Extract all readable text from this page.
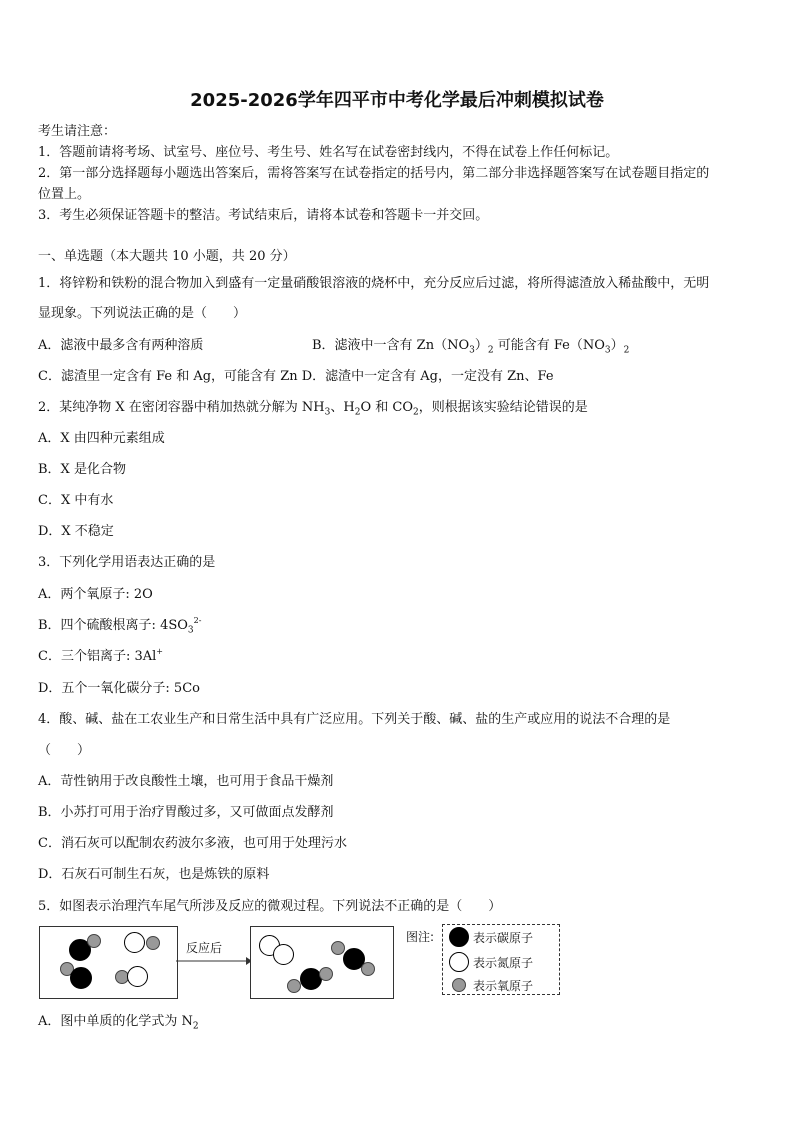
2025-2026学年四平市中考化学最后冲刺模拟试卷
考生请注意：
1．答题前请将考场、试室号、座位号、考生号、姓名写在试卷密封线内，不得在试卷上作任何标记。
2．第一部分选择题每小题选出答案后，需将答案写在试卷指定的括号内，第二部分非选择题答案写在试卷题目指定的
位置上。
3．考生必须保证答题卡的整洁。考试结束后，请将本试卷和答题卡一并交回。
一、单选题（本大题共 10 小题，共 20 分）
1．将锌粉和铁粉的混合物加入到盛有一定量硝酸银溶液的烧杯中，充分反应后过滤，将所得滤渣放入稀盐酸中，无明
显现象。下列说法正确的是（　　）
A．滤液中最多含有两种溶质	B．滤液中一含有 $Zn(NO_3)_2$ 可能含有 $Fe(NO_3)_2$
C．滤渣里一定含有 Fe 和 Ag，可能含有 Zn D．滤渣中一定含有 Ag，一定没有 Zn、Fe
2．某纯净物 X 在密闭容器中稍加热就分解为 $NH_3$、$H_2O$ 和 $CO_2$，则根据该实验结论错误的是
A．X 由四种元素组成
B．X 是化合物
C．X 中有水
D．X 不稳定
3．下列化学用语表达正确的是
A．两个氧原子: 2O
B．四个硫酸根离子: $4SO_3^{2-}$
C．三个铝离子: 3Al+
D．五个一氧化碳分子: 5Co
4．酸、碱、盐在工农业生产和日常生活中具有广泛应用。下列关于酸、碱、盐的生产或应用的说法不合理的是
（　　）
A．苛性钠用于改良酸性土壤，也可用于食品干燥剂
B．小苏打可用于治疗胃酸过多，又可做面点发酵剂
C．消石灰可以配制农药波尔多液，也可用于处理污水
D．石灰石可制生石灰，也是炼铁的原料
5．如图表示治理汽车尾气所涉及反应的微观过程。下列说法不正确的是（　　）
反应后
图注:	表示碳原子
表示氮原子
表示氧原子
A．图中单质的化学式为 $N_2$
